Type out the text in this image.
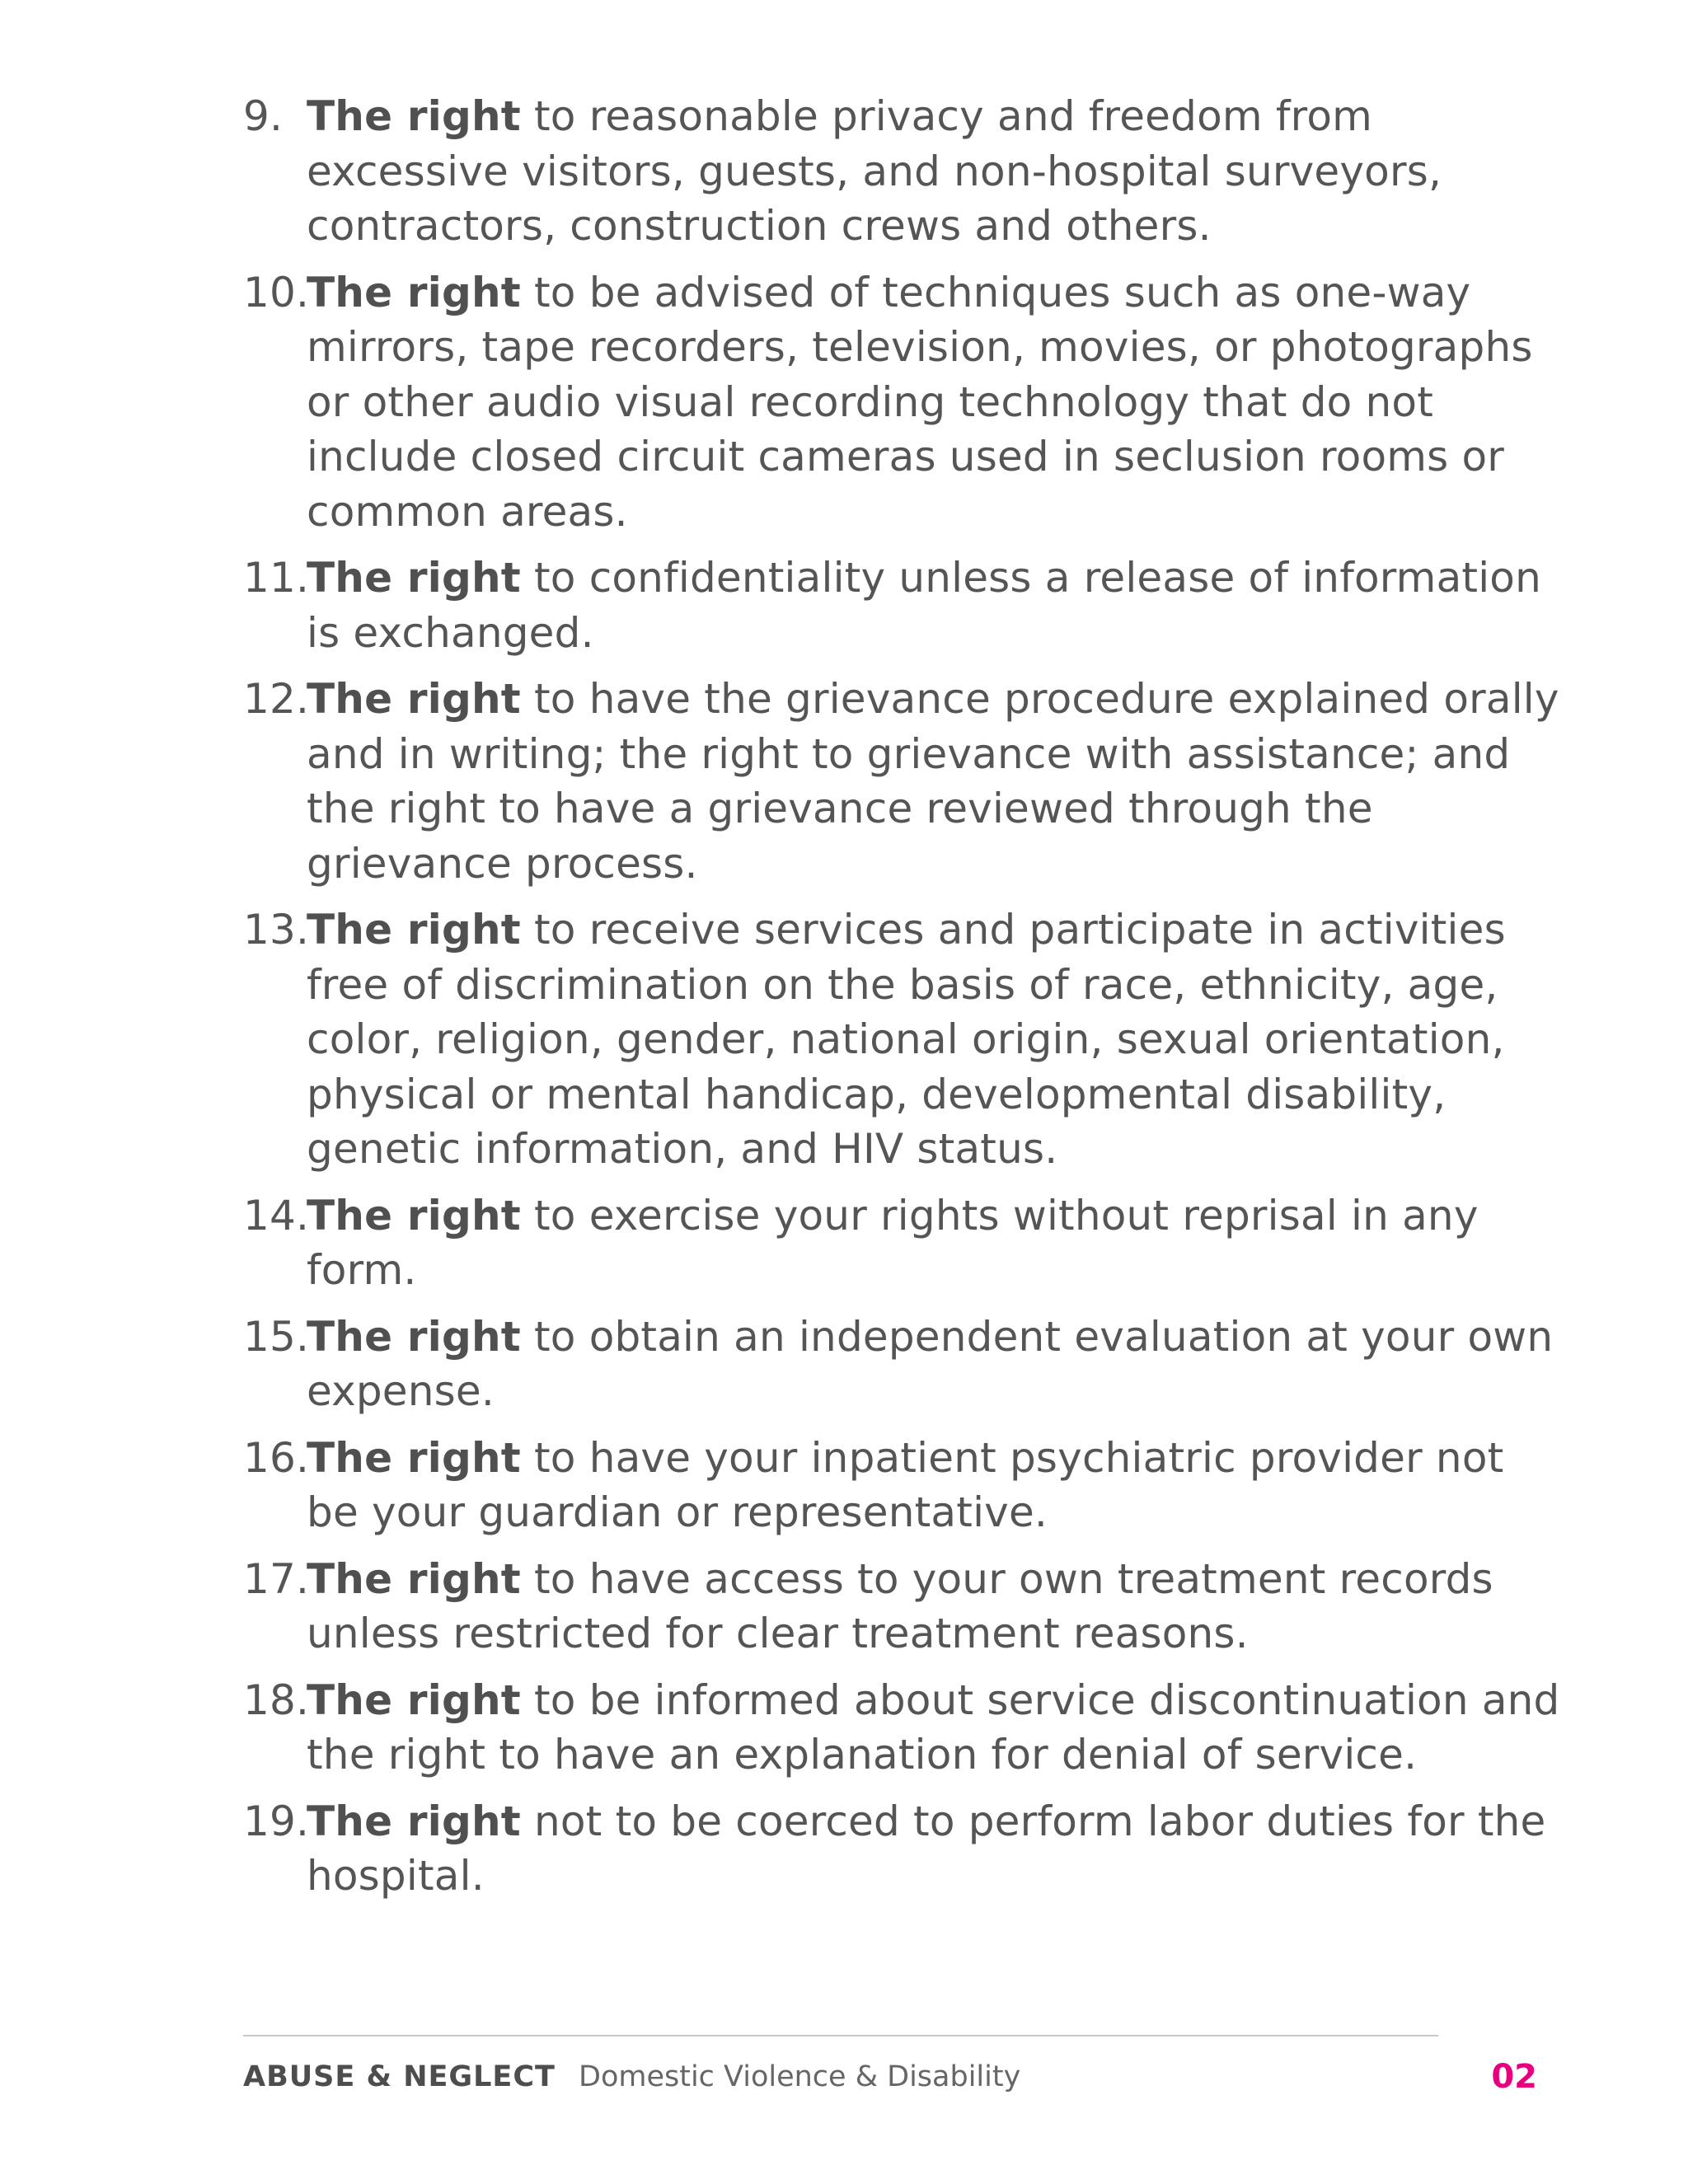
9. The right to reasonable privacy and freedom from excessive visitors, guests, and non-hospital surveyors, contractors, construction crews and others.
10.
The right to be advised of techniques such as one-way mirrors, tape recorders, television, movies, or photographs or other audio visual recording technology that do not include closed circuit cameras used in seclusion rooms or common areas.
11.
The right to confidentiality unless a release of information is exchanged.
12.
The right to have the grievance procedure explained orally and in writing; the right to grievance with assistance; and the right to have a grievance reviewed through the grievance process.
13.
The right to receive services and participate in activities free of discrimination on the basis of race, ethnicity, age, color, religion, gender, national origin, sexual orientation, physical or mental handicap, developmental disability, genetic information, and HIV status.
14.
The right to exercise your rights without reprisal in any form.
15.
The right to obtain an independent evaluation at your own expense.
16.
The right to have your inpatient psychiatric provider not be your guardian or representative.
17.
The right to have access to your own treatment records unless restricted for clear treatment reasons.
18.
The right to be informed about service discontinuation and the right to have an explanation for denial of service.
19.
The right not to be coerced to perform labor duties for the hospital.
ABUSE & NEGLECT Domestic Violence & Disability	02
